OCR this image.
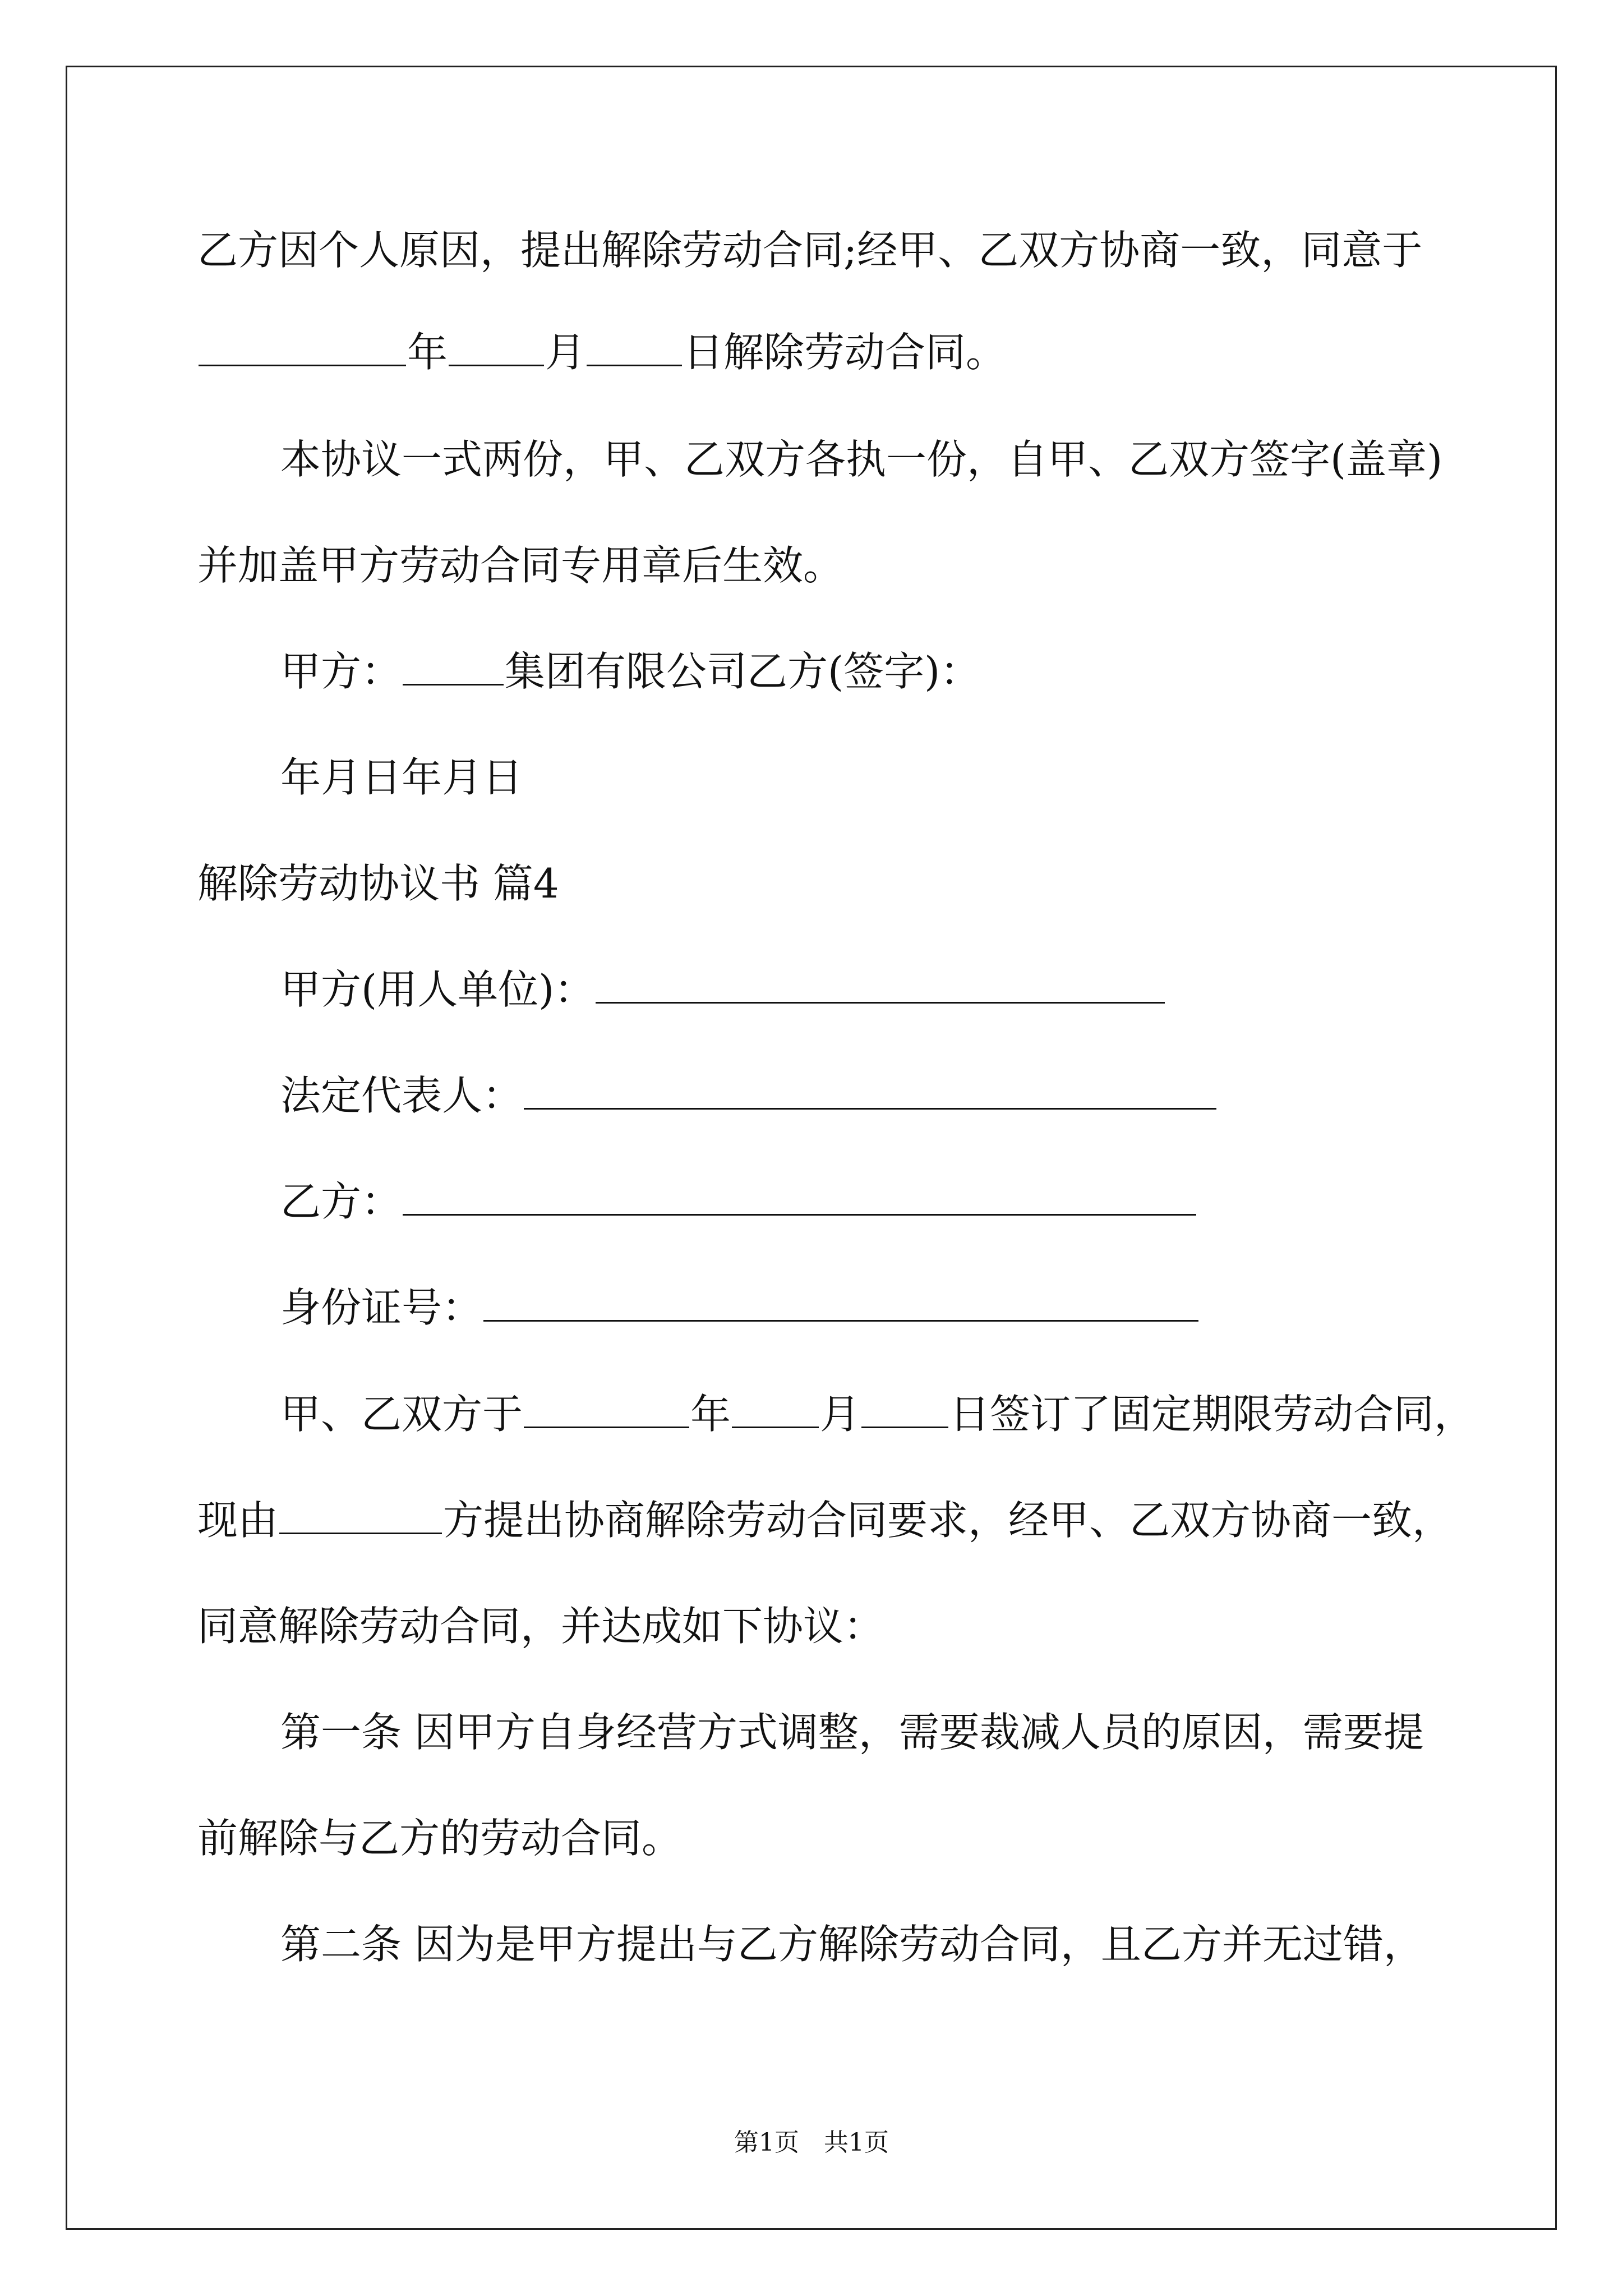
乙方因个人原因，提出解除劳动合同;经甲、乙双方协商一致，同意于

年 月 日解除劳动合同。

本协议一式两份，甲、乙双方各执一份，自甲、乙双方签字(盖章)

并加盖甲方劳动合同专用章后生效。

甲方：	集团有限公司乙方(签字)：

年月日年月日

解除劳动协议书 篇4

甲方(用人单位)：

法定代表人：

乙方：

身份证号：

甲、乙双方于	年 月 日签订了固定期限劳动合同，

现由	方提出协商解除劳动合同要求，经甲、乙双方协商一致，

同意解除劳动合同，并达成如下协议：

第一条 因甲方自身经营方式调整，需要裁减人员的原因，需要提

前解除与乙方的劳动合同。

第二条 因为是甲方提出与乙方解除劳动合同，且乙方并无过错，

第1页　共1页
